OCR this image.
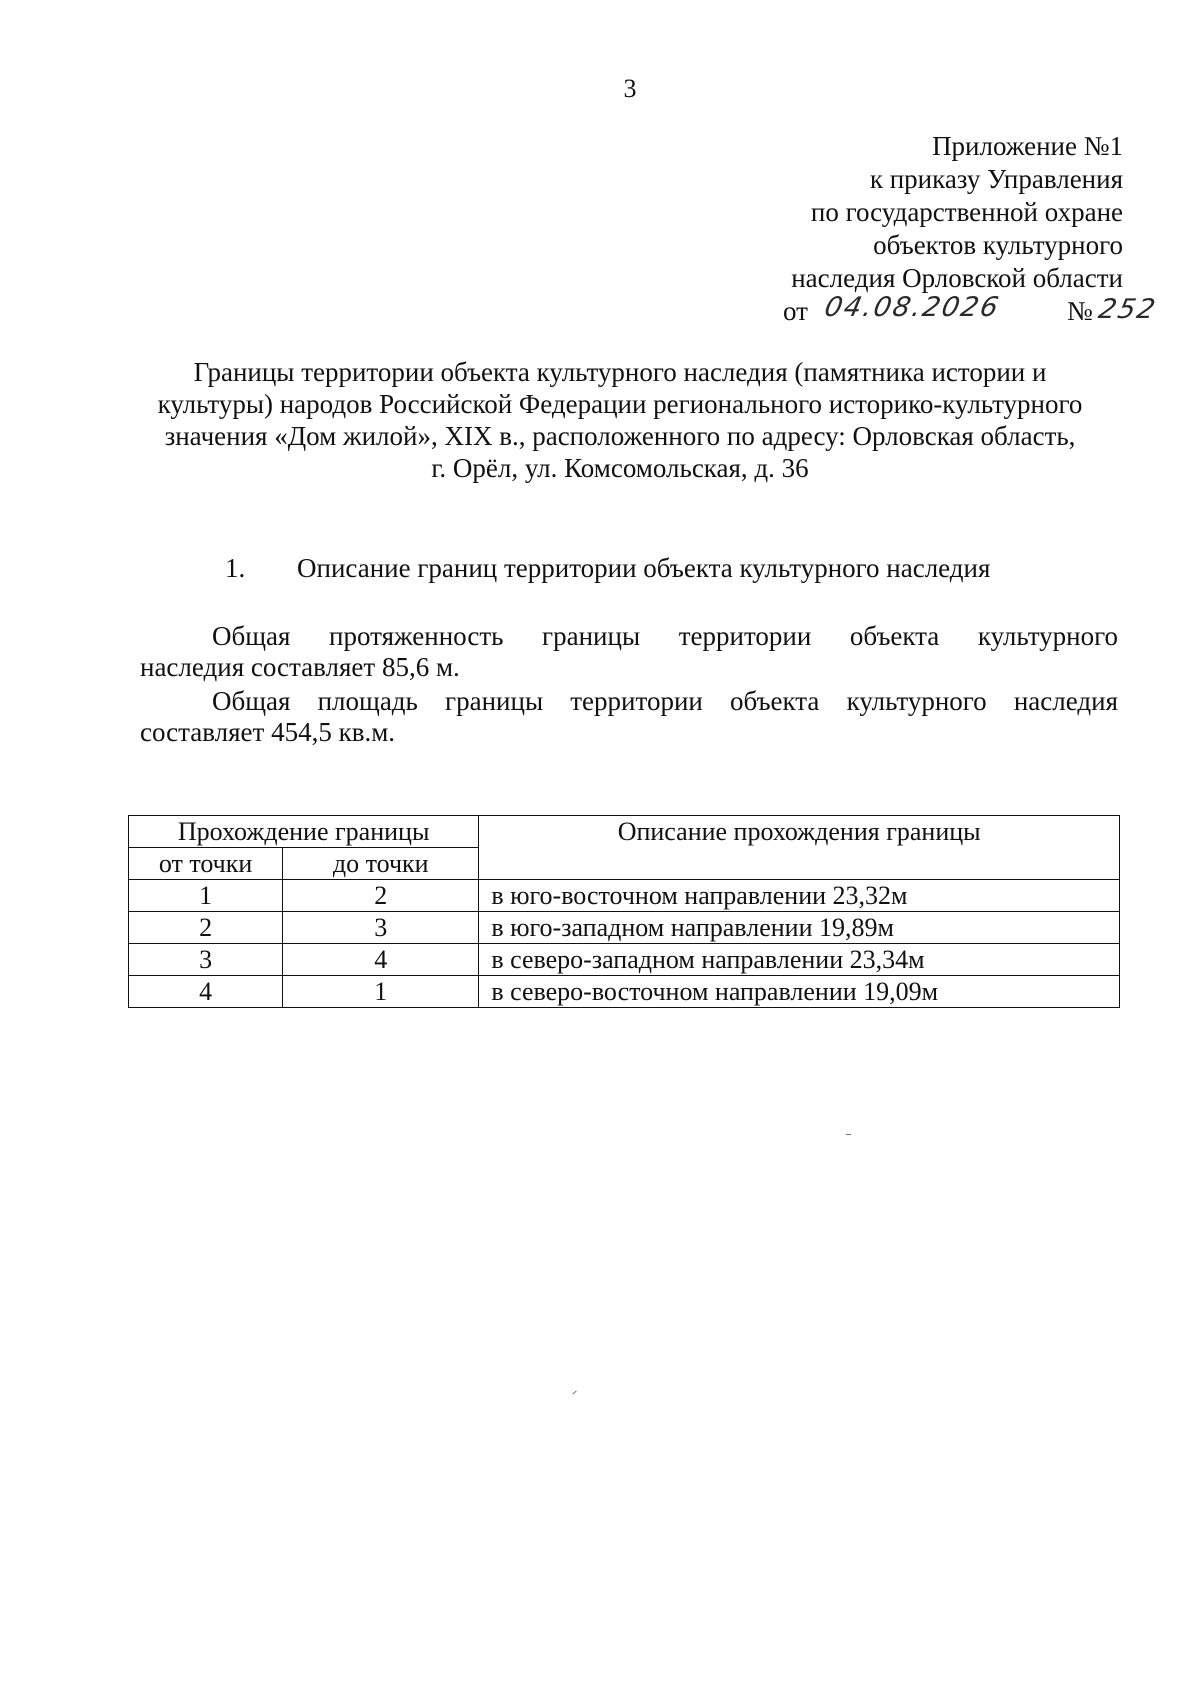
3
Приложение №1
к приказу Управления
по государственной охране
объектов культурного
наследия Орловской области
от 04.08.2026 № 252
Границы территории объекта культурного наследия (памятника истории и
культуры) народов Российской Федерации регионального историко-культурного
значения «Дом жилой», XIX в., расположенного по адресу: Орловская область,
г. Орёл, ул. Комсомольская, д. 36
1. Описание границ территории объекта культурного наследия
Общая протяженность границы территории объекта культурного
наследия составляет 85,6 м.
Общая площадь границы территории объекта культурного наследия
составляет 454,5 кв.м.
Прохождение границы		Описание прохождения границы
от точки	до точки	
1	2	в юго-восточном направлении 23,32м
2	3	в юго-западном направлении 19,89м
3	4	в северо-западном направлении 23,34м
4	1	в северо-восточном направлении 19,09м
